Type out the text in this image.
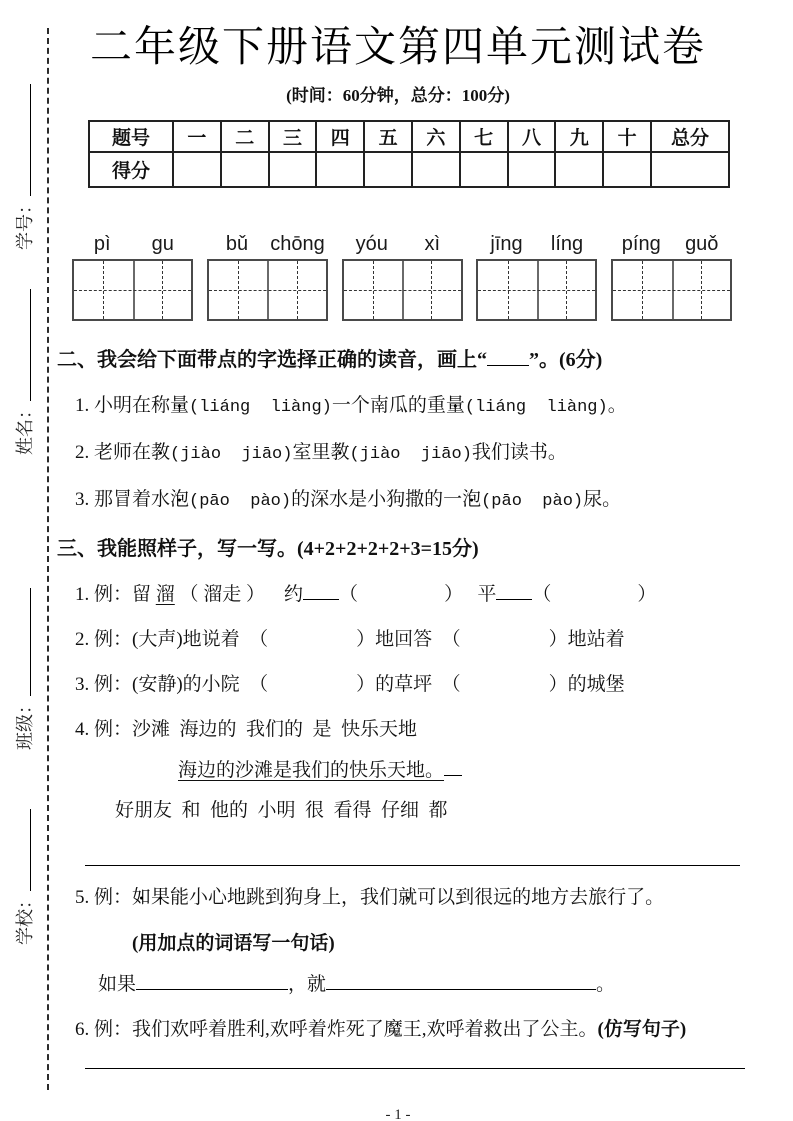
学号：
姓名：
班级：
学校：
二年级下册语文第四单元测试卷
(时间：60分钟，总分：100分)
题号	一	二	三	四	五	六	七	八	九	十	总分
得分											
pì	gu	bǔ	chōng	yóu	xì	jīng	líng	píng	guǒ
二、我会给下面带点的字选择正确的读音，画上“ ”。(6分)
1. 小明在称量 ●(liáng  liàng)一个南瓜的重量 ●(liáng  liàng)。
2. 老师在教 ●(jiào  jiāo)室里教 ●(jiào  jiāo)我们读书。
3. 那冒着水泡 ●(pāo  pào)的深水是小狗撒的一泡 ●(pāo  pào)尿。
三、我能照样子，写一写。(4+2+2+2+2+3=15分)
1. 例：留 溜 （ 溜走 ）    约 （	）   平 （	）
2. 例：(大声)地说着  （	）地回答  （	）地站着
3. 例：(安静)的小院  （	）的草坪  （	）的城堡
4. 例：沙滩  海边的  我们的  是  快乐天地
海边的沙滩是我们的快乐天地。
好朋友  和  他的  小明  很  看得  仔细  都
5. 例：如 ●果 ●能小心地跳到狗身上，我们就 ●可以到很远的地方去旅行了。
(用加点的词语写一句话)
如果	，就	。
6. 例：我们欢呼着胜利,欢呼着炸死了魔王,欢呼着救出了公主。(仿写句子)
- 1 -
